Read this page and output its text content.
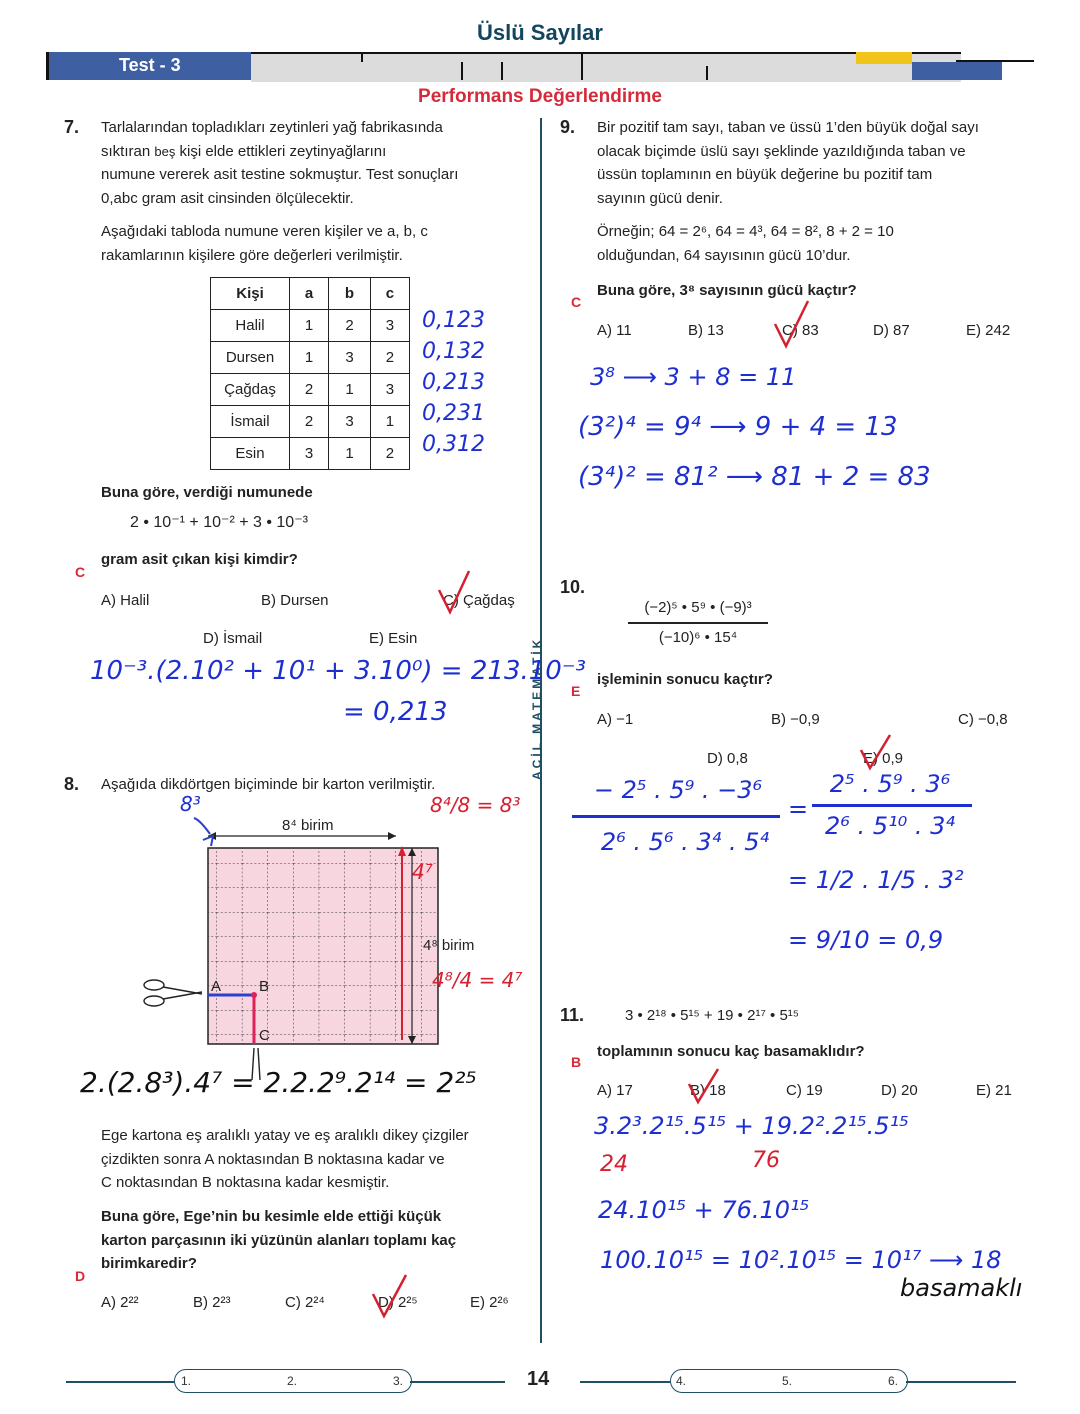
Üslü Sayılar
Test - 3
Performans Değerlendirme
ACİL MATEMATİK
7. Tarlalarından topladıkları zeytinleri yağ fabrikasında
sıktıran beş kişi elde ettikleri zeytinyağlarını
numune vererek asit testine sokmuştur. Test sonuçları
0,abc gram asit cinsinden ölçülecektir.
Aşağıdaki tabloda numune veren kişiler ve a, b, c
rakamlarının kişilere göre değerleri verilmiştir.
Kişi	a	b	c
Halil	1	2	3
Dursen	1	3	2
Çağdaş	2	1	3
İsmail	2	3	1
Esin	3	1	2
0,123
0,132
0,213
0,231
0,312
Buna göre, verdiği numunede
2 • 10⁻¹ + 10⁻² + 3 • 10⁻³
gram asit çıkan kişi kimdir?
C
A) Halil	B) Dursen	C) Çağdaş
D) İsmail	E) Esin
10⁻³.(2.10² + 10¹ + 3.10⁰) = 213.10⁻³
= 0,213
8. Aşağıda dikdörtgen biçiminde bir karton verilmiştir.
8⁴ birim
4⁸ birim
A	B
C
8³	8⁴/8 = 8³
4⁷
4⁸/4 = 4⁷
2.(2.8³).4⁷ = 2.2.2⁹.2¹⁴ = 2²⁵
Ege kartona eş aralıklı yatay ve eş aralıklı dikey çizgiler
çizdikten sonra A noktasından B noktasına kadar ve
C noktasından B noktasına kadar kesmiştir.
Buna göre, Ege’nin bu kesimle elde ettiği küçük
karton parçasının iki yüzünün alanları toplamı kaç
birimkaredir?
D
A) 2²²	B) 2²³	C) 2²⁴	D) 2²⁵	E) 2²⁶
9. Bir pozitif tam sayı, taban ve üssü 1’den büyük doğal sayı
olacak biçimde üslü sayı şeklinde yazıldığında taban ve
üssün toplamının en büyük değerine bu pozitif tam
sayının gücü denir.
Örneğin; 64 = 2⁶, 64 = 4³, 64 = 8², 8 + 2 = 10
olduğundan, 64 sayısının gücü 10’dur.
Buna göre, 3⁸ sayısının gücü kaçtır?
C
A) 11	B) 13	C) 83	D) 87	E) 242
3⁸ ⟶ 3 + 8 = 11
(3²)⁴ = 9⁴ ⟶ 9 + 4 = 13
(3⁴)² = 81² ⟶ 81 + 2 = 83
10.
(−2)⁵ • 5⁹ • (−9)³
(−10)⁶ • 15⁴
işleminin sonucu kaçtır?
E
A) −1	B) −0,9	C) −0,8
D) 0,8	E) 0,9
− 2⁵ . 5⁹ . −3⁶
2⁶ . 5⁶ . 3⁴ . 5⁴
=
2⁵ . 5⁹ . 3⁶
2⁶ . 5¹⁰ . 3⁴
= 1/2 . 1/5 . 3²
= 9/10 = 0,9
11.	3 • 2¹⁸ • 5¹⁵ + 19 • 2¹⁷ • 5¹⁵
toplamının sonucu kaç basamaklıdır?
B
A) 17	B) 18	C) 19	D) 20	E) 21
3.2³.2¹⁵.5¹⁵ + 19.2².2¹⁵.5¹⁵
24	76
24.10¹⁵ + 76.10¹⁵
100.10¹⁵ = 10².10¹⁵ = 10¹⁷ ⟶ 18
basamaklı
1.	2.	3.	14	4.	5.	6.
